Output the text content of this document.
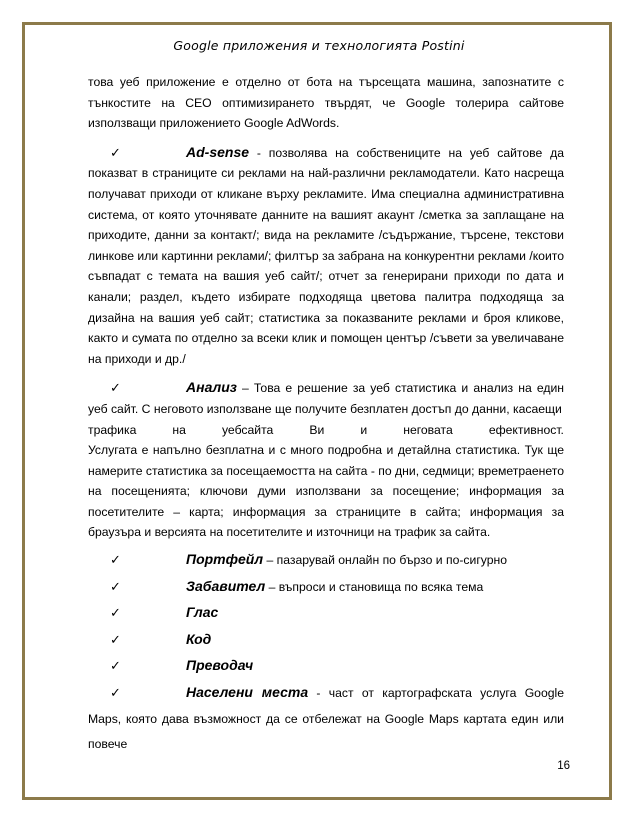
Google приложения и технологията Postini

това уеб приложение е отделно от бота на търсещата машина, запознатите с тънкостите на СЕО оптимизирането твърдят, че Google толерира сайтове използващи приложението Google AdWords.

✓	Ad-sense - позволява на собствениците на уеб сайтове да показват в страниците си реклами на най-различни рекламодатели. Като насреща получават приходи от кликане върху рекламите. Има специална административна система, от която уточнявате данните на вашият акаунт /сметка за заплащане на приходите, данни за контакт/; вида на рекламите /съдържание, търсене, текстови линкове или картинни реклами/; филтър за забрана на конкурентни реклами /които съвпадат с темата на вашия уеб сайт/; отчет за генерирани приходи по дата и канали; раздел, където избирате подходяща цветова палитра подходяща за дизайна на вашия уеб сайт; статистика за показваните реклами и броя кликове, както и сумата по отделно за всеки клик и помощен център /съвети за увеличаване на приходи и др./

✓	Анализ – Това е решение за уеб статистика и анализ на един уеб сайт. С неговото използване ще получите безплатен достъп до данни, касаещи

трафика	на	уебсайта	Ви	и	неговата	ефективност.

Услугата е напълно безплатна и с много подробна и детайлна статистика. Тук ще намерите статистика за посещаемостта на сайта - по дни, седмици; времетраенето на посещенията; ключови думи използвани за посещение; информация за посетителите – карта; информация за страниците в сайта; информация за браузъра и версията на посетителите и източници на трафик за сайта.

✓	Портфейл – пазарувай онлайн по бързо и по-сигурно

✓	Забавител – въпроси и становища по всяка тема

✓	Глас

✓	Код

✓	Преводач

✓	Населени места - част от картографската услуга Google Maps, която дава възможност да се отбележат на Google Maps картата един или повече

16
